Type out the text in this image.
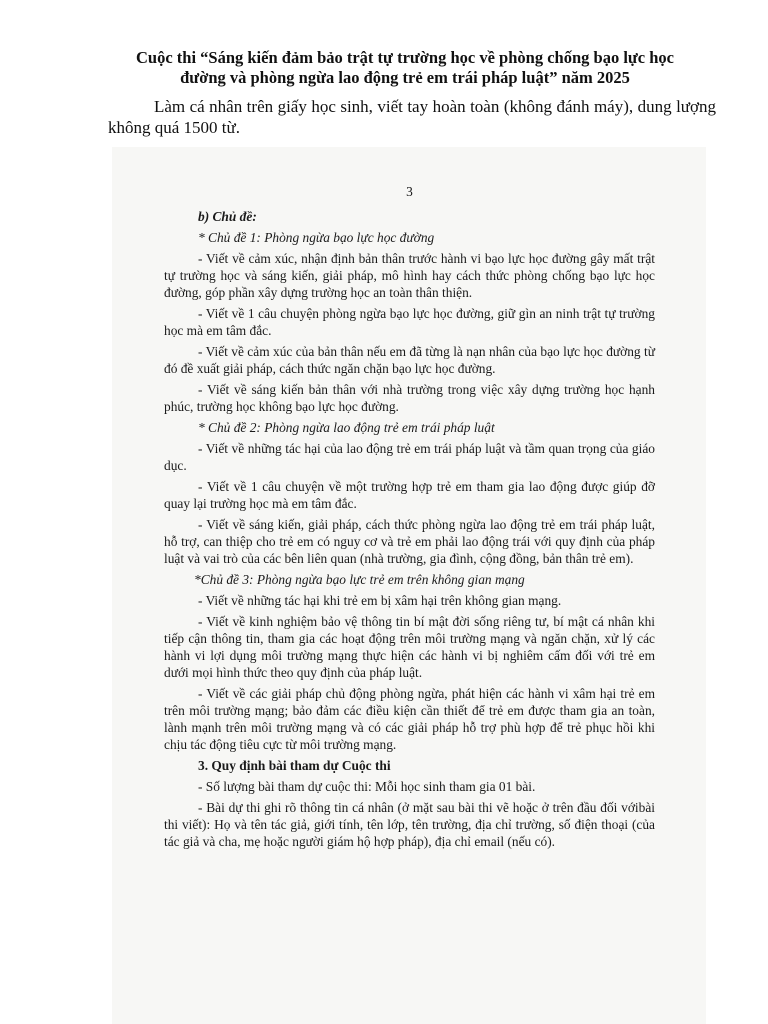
Cuộc thi “Sáng kiến đảm bảo trật tự trường học về phòng chống bạo lực học
đường và phòng ngừa lao động trẻ em trái pháp luật” năm 2025
Làm cá nhân trên giấy học sinh, viết tay hoàn toàn (không đánh máy), dung lượng không quá 1500 từ.
3
b) Chủ đề:
* Chủ đề 1: Phòng ngừa bạo lực học đường

- Viết về cảm xúc, nhận định bản thân trước hành vi bạo lực học đường gây mất trật tự trường học và sáng kiến, giải pháp, mô hình hay cách thức phòng chống bạo lực học đường, góp phần xây dựng trường học an toàn thân thiện.

- Viết về 1 câu chuyện phòng ngừa bạo lực học đường, giữ gìn an ninh trật tự trường học mà em tâm đắc.

- Viết về cảm xúc của bản thân nếu em đã từng là nạn nhân của bạo lực học đường từ đó đề xuất giải pháp, cách thức ngăn chặn bạo lực học đường.

- Viết về sáng kiến bản thân với nhà trường trong việc xây dựng trường học hạnh phúc, trường học không bạo lực học đường.

* Chủ đề 2: Phòng ngừa lao động trẻ em trái pháp luật

- Viết về những tác hại của lao động trẻ em trái pháp luật và tầm quan trọng của giáo dục.

- Viết về 1 câu chuyện về một trường hợp trẻ em tham gia lao động được giúp đỡ quay lại trường học mà em tâm đắc.

- Viết về sáng kiến, giải pháp, cách thức phòng ngừa lao động trẻ em trái pháp luật, hỗ trợ, can thiệp cho trẻ em có nguy cơ và trẻ em phải lao động trái với quy định của pháp luật và vai trò của các bên liên quan (nhà trường, gia đình, cộng đồng, bản thân trẻ em).

*Chủ đề 3: Phòng ngừa bạo lực trẻ em trên không gian mạng

- Viết về những tác hại khi trẻ em bị xâm hại trên không gian mạng.

- Viết về kinh nghiệm bảo vệ thông tin bí mật đời sống riêng tư, bí mật cá nhân khi tiếp cận thông tin, tham gia các hoạt động trên môi trường mạng và ngăn chặn, xử lý các hành vi lợi dụng môi trường mạng thực hiện các hành vi bị nghiêm cấm đối với trẻ em dưới mọi hình thức theo quy định của pháp luật.

- Viết về các giải pháp chủ động phòng ngừa, phát hiện các hành vi xâm hại trẻ em trên môi trường mạng; bảo đảm các điều kiện cần thiết để trẻ em được tham gia an toàn, lành mạnh trên môi trường mạng và có các giải pháp hỗ trợ phù hợp để trẻ phục hồi khi chịu tác động tiêu cực từ môi trường mạng.

3. Quy định bài tham dự Cuộc thi

- Số lượng bài tham dự cuộc thi: Mỗi học sinh tham gia 01 bài.

- Bài dự thi ghi rõ thông tin cá nhân (ở mặt sau bài thi vẽ hoặc ở trên đầu đối vớibài thi viết): Họ và tên tác giả, giới tính, tên lớp, tên trường, địa chỉ trường, số điện thoại (của tác giả và cha, mẹ hoặc người giám hộ hợp pháp), địa chỉ email (nếu có).
